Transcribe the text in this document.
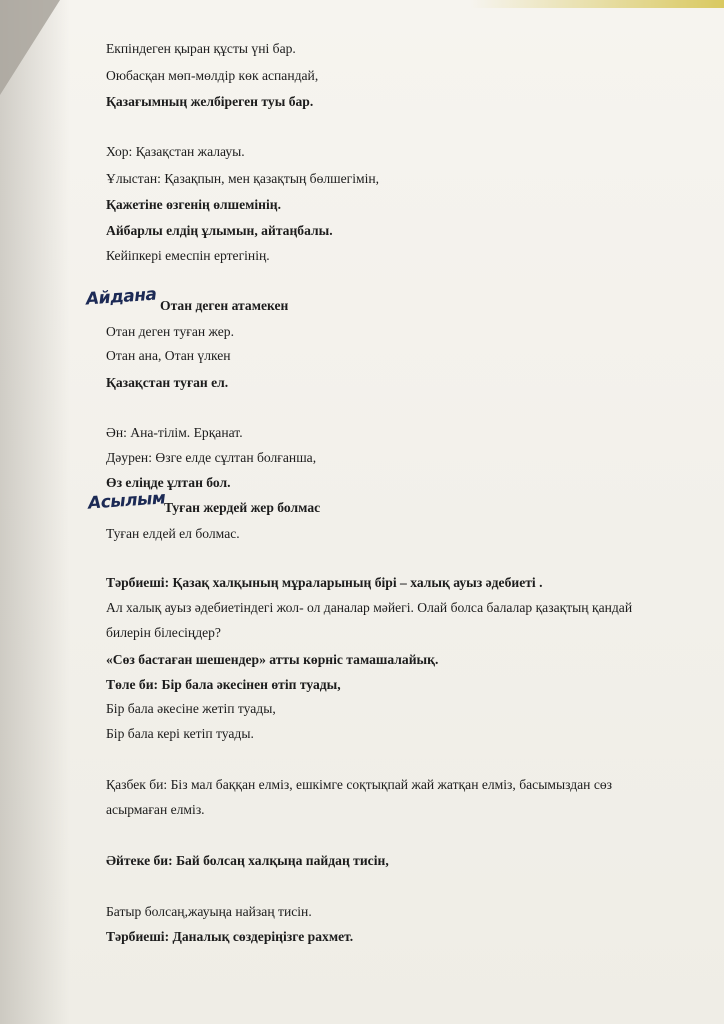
Екпіндеген қыран құсты үні бар.
Оюбасқан мөп-мөлдір көк аспандай,
Қазағымның желбіреген туы бар.
Хор: Қазақстан жалауы.
Ұлыстан: Қазақпын, мен қазақтың бөлшегімін,
Қажетіне өзгенің өлшемінің.
Айбарлы елдің ұлымын, айтаңбалы.
Кейіпкері емеспін ертегінің.
Айдана Отан деген атамекен
Отан деген туған жер.
Отан ана, Отан үлкен
Қазақстан туған ел.
Ән: Ана-тілім. Ерқанат.
Дәурен: Өзге елде сұлтан болғанша,
Өз еліңде ұлтан бол.
Асылым
Туған жердей жер болмас
Туған елдей ел болмас.
Тәрбиеші: Қазақ халқының мұраларының бірі – халық ауыз әдебиеті .
Ал халық ауыз әдебиетіндегі жол- ол даналар мәйегі. Олай болса балалар қазақтың қандай
билерін білесіңдер?
«Сөз бастаған шешендер» атты көрніс тамашалайық.
Төле би: Бір бала әкесінен өтіп туады,
Бір бала әкесіне жетіп туады,
Бір бала кері кетіп туады.
Қазбек би: Біз мал баққан елміз, ешкімге соқтықпай жай жатқан елміз, басымыздан сөз
асырмаған елміз.
Әйтеке би: Бай болсаң халқыңа пайдаң тисін,
Батыр болсаң,жауыңа найзаң тисін.
Тәрбиеші: Даналық сөздеріңізге рахмет.
